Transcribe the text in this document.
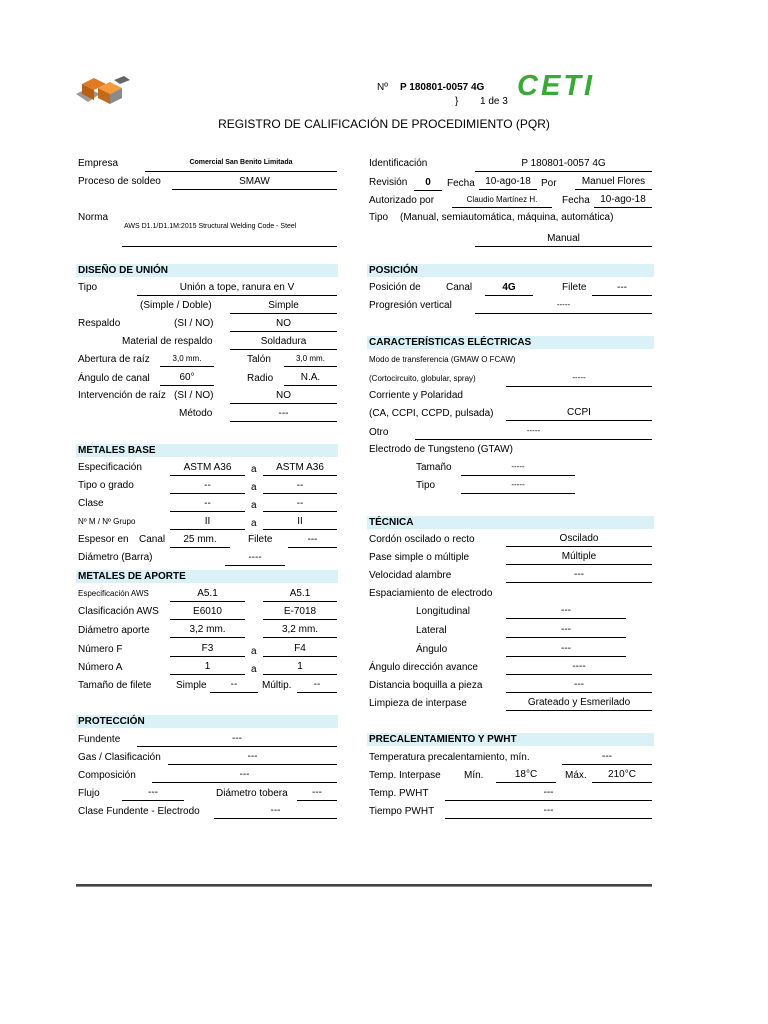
Nº P 180801-0057 4G
} 1 de 3 CETI
REGISTRO DE CALIFICACIÓN DE PROCEDIMIENTO (PQR)
Empresa	Comercial San Benito Limitada
Proceso de soldeo	SMAW
Norma
AWS D1.1/D1.1M:2015 Structural Welding Code - Steel
Identificación	P 180801-0057 4G
Revisión	0	Fecha	10-ago-18	Por	Manuel Flores
Autorizado por	Claudio Martínez H.	Fecha	10-ago-18
Tipo (Manual, semiautomática, máquina, automática)
Manual
DISEÑO DE UNIÓN
Tipo	Unión a tope, ranura en V
(Simple / Doble)	Simple
Respaldo	(SI / NO)	NO
Material de respaldo	Soldadura
Abertura de raíz	3,0 mm.	Talón	3,0 mm.
Ángulo de canal	60°	Radio	N.A.
Intervención de raíz (SI / NO)	NO
Método	---
METALES BASE
Especificación	ASTM A36	a	ASTM A36
Tipo o grado	--	a	--
Clase	--	a	--
Nº M / Nº Grupo	II	a	II
Espesor en Canal	25 mm.	Filete	---
Diámetro (Barra)	----
METALES DE APORTE
Especificación AWS	A5.1	A5.1
Clasificación AWS	E6010	E-7018
Diámetro aporte	3,2 mm.	3,2 mm.
Número F	F3	a	F4
Número A	1	a	1
Tamaño de filete Simple	--	Múltip.	--
PROTECCIÓN
Fundente	---
Gas / Clasificación	---
Composición	---
Flujo	---	Diámetro tobera	---
Clase Fundente - Electrodo	---
POSICIÓN
Posición de	Canal	4G	Filete	---
Progresión vertical	-----
CARACTERÍSTICAS ELÉCTRICAS
Modo de transferencia (GMAW O FCAW)
(Cortocircuito, globular, spray)	-----
Corriente y Polaridad
(CA, CCPI, CCPD, pulsada)	CCPI
Otro	-----
Electrodo de Tungsteno (GTAW)
Tamaño	-----
Tipo	-----
TÉCNICA
Cordón oscilado o recto	Oscilado
Pase simple o múltiple	Múltiple
Velocidad alambre	---
Espaciamiento de electrodo
Longitudinal	---
Lateral	---
Ángulo	---
Ángulo dirección avance	----
Distancia boquilla a pieza	---
Limpieza de interpase	Grateado y Esmerilado
PRECALENTAMIENTO Y PWHT
Temperatura precalentamiento, mín.	---
Temp. Interpase Mín.	18°C	Máx.	210°C
Temp. PWHT	---
Tiempo PWHT	---
